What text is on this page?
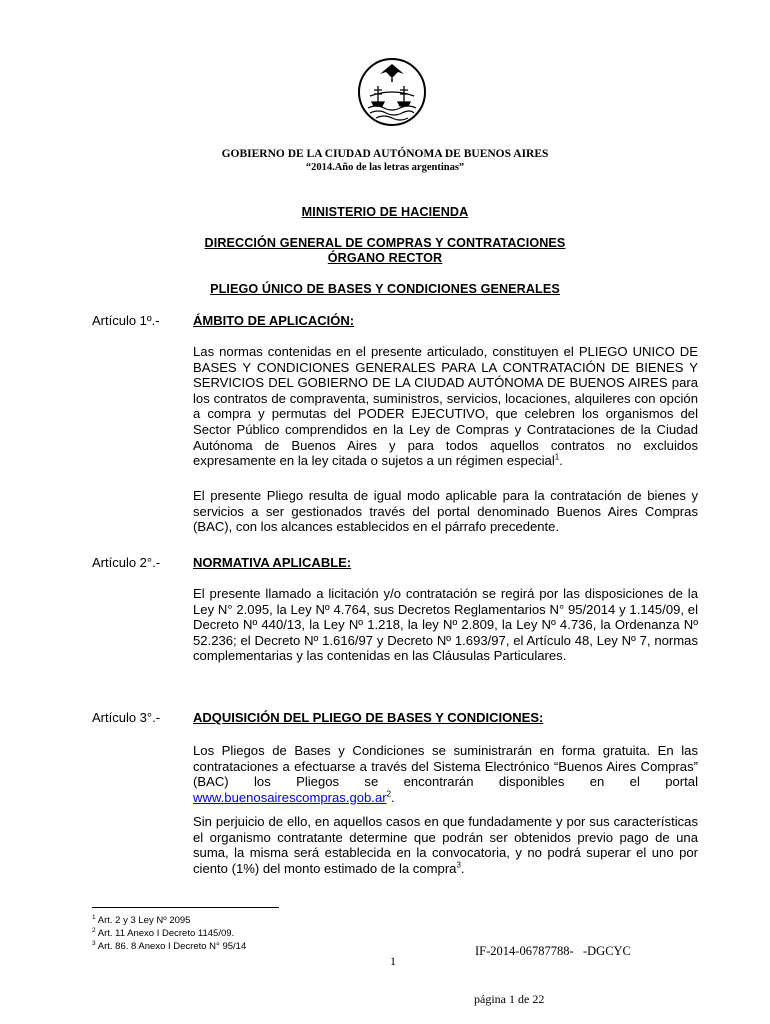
GOBIERNO DE LA CIUDAD AUTÓNOMA DE BUENOS AIRES
“2014.Año de las letras argentinas”
MINISTERIO DE HACIENDA
DIRECCIÓN GENERAL DE COMPRAS Y CONTRATACIONES
ÓRGANO RECTOR
PLIEGO ÚNICO DE BASES Y CONDICIONES GENERALES
Artículo 1º.-	ÁMBITO DE APLICACIÓN:

Las normas contenidas en el presente articulado, constituyen el PLIEGO UNICO DE BASES Y CONDICIONES GENERALES PARA LA CONTRATACIÓN DE BIENES Y SERVICIOS DEL GOBIERNO DE LA CIUDAD AUTÓNOMA DE BUENOS AIRES para los contratos de compraventa, suministros, servicios, locaciones, alquileres con opción a compra y permutas del PODER EJECUTIVO, que celebren los organismos del Sector Público comprendidos en la Ley de Compras y Contrataciones de la Ciudad Autónoma de Buenos Aires y para todos aquellos contratos no excluidos expresamente en la ley citada o sujetos a un régimen especial$^1$.

El presente Pliego resulta de igual modo aplicable para la contratación de bienes y servicios a ser gestionados través del portal denominado Buenos Aires Compras (BAC), con los alcances establecidos en el párrafo precedente.

Artículo 2°.-	NORMATIVA APLICABLE:

El presente llamado a licitación y/o contratación se regirá por las disposiciones de la Ley N° 2.095, la Ley Nº 4.764, sus Decretos Reglamentarios N° 95/2014 y 1.145/09, el Decreto Nº 440/13, la Ley Nº 1.218, la ley Nº 2.809, la Ley Nº 4.736, la Ordenanza Nº 52.236; el Decreto Nº 1.616/97 y Decreto Nº 1.693/97, el Artículo 48, Ley Nº 7, normas complementarias y las contenidas en las Cláusulas Particulares.

Artículo 3°.-	ADQUISICIÓN DEL PLIEGO DE BASES Y CONDICIONES:

Los Pliegos de Bases y Condiciones se suministrarán en forma gratuita. En las contrataciones a efectuarse a través del Sistema Electrónico “Buenos Aires Compras” (BAC) los Pliegos se encontrarán disponibles en el portal $www.buenosairescompras.gob.ar^2$.

Sin perjuicio de ello, en aquellos casos en que fundadamente y por sus características el organismo contratante determine que podrán ser obtenidos previo pago de una suma, la misma será establecida en la convocatoria, y no podrá superar el uno por ciento (1%) del monto estimado de la compra$^3$.

$^1$ Art. 2 y 3 Ley Nº 2095
$^2$ Art. 11 Anexo I Decreto 1145/09.
$^3$ Art. 86. 8 Anexo I Decreto N° 95/14
1
IF-2014-06787788-   -DGCYC
página 1 de 22
